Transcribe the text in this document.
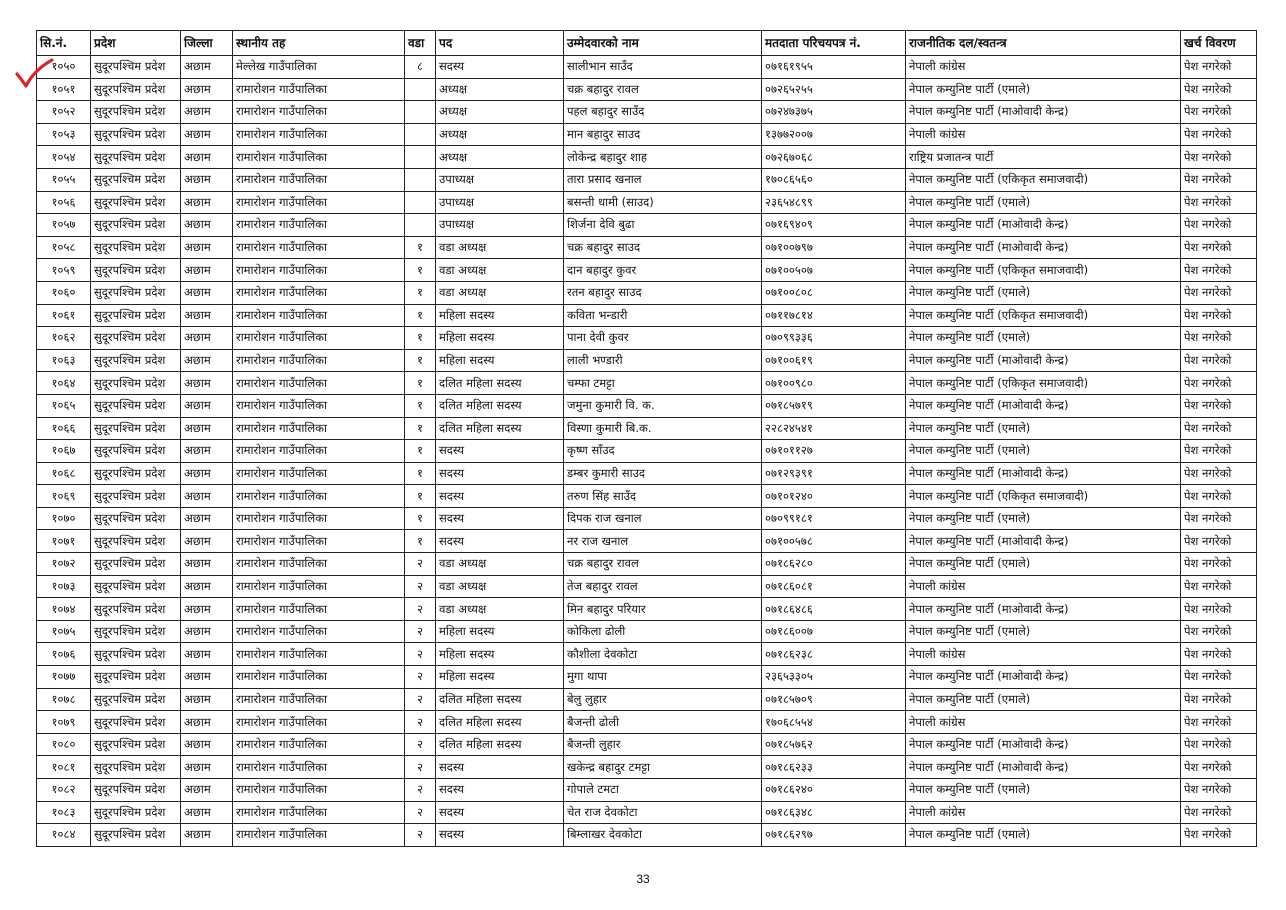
सि.नं.	प्रदेश	जिल्ला	स्थानीय तह	वडा	पद	उम्मेदवारको नाम	मतदाता परिचयपत्र नं.	राजनीतिक दल/स्वतन्त्र	खर्च विवरण
१०५०	सुदूरपश्चिम प्रदेश	अछाम	मेल्लेख गाउँपालिका	८	सदस्य	सालीभान साउँद	०७१६१९५५	नेपाली कांग्रेस	पेश नगरेको
१०५१	सुदूरपश्चिम प्रदेश	अछाम	रामारोशन गाउँपालिका		अध्यक्ष	चक्र बहादुर रावल	०७२६५२५५	नेपाल कम्युनिष्ट पार्टी (एमाले)	पेश नगरेको
१०५२	सुदूरपश्चिम प्रदेश	अछाम	रामारोशन गाउँपालिका		अध्यक्ष	पहल बहादुर साउँद	०७२४७३७५	नेपाल कम्युनिष्ट पार्टी (माओवादी केन्द्र)	पेश नगरेको
१०५३	सुदूरपश्चिम प्रदेश	अछाम	रामारोशन गाउँपालिका		अध्यक्ष	मान बहादुर साउद	१३७७२००७	नेपाली कांग्रेस	पेश नगरेको
१०५४	सुदूरपश्चिम प्रदेश	अछाम	रामारोशन गाउँपालिका		अध्यक्ष	लोकेन्द्र बहादुर शाह	०७२६७०६८	राष्ट्रिय प्रजातन्त्र पार्टी	पेश नगरेको
१०५५	सुदूरपश्चिम प्रदेश	अछाम	रामारोशन गाउँपालिका		उपाध्यक्ष	तारा प्रसाद खनाल	१७०८६५६०	नेपाल कम्युनिष्ट पार्टी (एकिकृत समाजवादी)	पेश नगरेको
१०५६	सुदूरपश्चिम प्रदेश	अछाम	रामारोशन गाउँपालिका		उपाध्यक्ष	बसन्ती धामी (साउद)	२३६५४८९९	नेपाल कम्युनिष्ट पार्टी (एमाले)	पेश नगरेको
१०५७	सुदूरपश्चिम प्रदेश	अछाम	रामारोशन गाउँपालिका		उपाध्यक्ष	शिर्जना देवि बुढा	०७१६९४०९	नेपाल कम्युनिष्ट पार्टी (माओवादी केन्द्र)	पेश नगरेको
१०५८	सुदूरपश्चिम प्रदेश	अछाम	रामारोशन गाउँपालिका	१	वडा अध्यक्ष	चक्र बहादुर साउद	०७१००७९७	नेपाल कम्युनिष्ट पार्टी (माओवादी केन्द्र)	पेश नगरेको
१०५९	सुदूरपश्चिम प्रदेश	अछाम	रामारोशन गाउँपालिका	१	वडा अध्यक्ष	दान बहादुर कुवर	०७१००५०७	नेपाल कम्युनिष्ट पार्टी (एकिकृत समाजवादी)	पेश नगरेको
१०६०	सुदूरपश्चिम प्रदेश	अछाम	रामारोशन गाउँपालिका	१	वडा अध्यक्ष	रतन बहादुर साउद	०७१००८०८	नेपाल कम्युनिष्ट पार्टी (एमाले)	पेश नगरेको
१०६१	सुदूरपश्चिम प्रदेश	अछाम	रामारोशन गाउँपालिका	१	महिला सदस्य	कविता भन्डारी	०७११७८१४	नेपाल कम्युनिष्ट पार्टी (एकिकृत समाजवादी)	पेश नगरेको
१०६२	सुदूरपश्चिम प्रदेश	अछाम	रामारोशन गाउँपालिका	१	महिला सदस्य	पाना देवी कुवर	०७०९९३३६	नेपाल कम्युनिष्ट पार्टी (एमाले)	पेश नगरेको
१०६३	सुदूरपश्चिम प्रदेश	अछाम	रामारोशन गाउँपालिका	१	महिला सदस्य	लाली भण्डारी	०७१००६१९	नेपाल कम्युनिष्ट पार्टी (माओवादी केन्द्र)	पेश नगरेको
१०६४	सुदूरपश्चिम प्रदेश	अछाम	रामारोशन गाउँपालिका	१	दलित महिला सदस्य	चम्फा टमट्टा	०७१००९८०	नेपाल कम्युनिष्ट पार्टी (एकिकृत समाजवादी)	पेश नगरेको
१०६५	सुदूरपश्चिम प्रदेश	अछाम	रामारोशन गाउँपालिका	१	दलित महिला सदस्य	जमुना कुमारी वि. क.	०७१८५७१९	नेपाल कम्युनिष्ट पार्टी (माओवादी केन्द्र)	पेश नगरेको
१०६६	सुदूरपश्चिम प्रदेश	अछाम	रामारोशन गाउँपालिका	१	दलित महिला सदस्य	विस्णा कुमारी बि.क.	२२८२४५४१	नेपाल कम्युनिष्ट पार्टी (एमाले)	पेश नगरेको
१०६७	सुदूरपश्चिम प्रदेश	अछाम	रामारोशन गाउँपालिका	१	सदस्य	कृष्ण साँउद	०७१०११२७	नेपाल कम्युनिष्ट पार्टी (एमाले)	पेश नगरेको
१०६८	सुदूरपश्चिम प्रदेश	अछाम	रामारोशन गाउँपालिका	१	सदस्य	डम्बर कुमारी साउद	०७१२९३९१	नेपाल कम्युनिष्ट पार्टी (माओवादी केन्द्र)	पेश नगरेको
१०६९	सुदूरपश्चिम प्रदेश	अछाम	रामारोशन गाउँपालिका	१	सदस्य	तरुण सिंह साउँद	०७१०१२४०	नेपाल कम्युनिष्ट पार्टी (एकिकृत समाजवादी)	पेश नगरेको
१०७०	सुदूरपश्चिम प्रदेश	अछाम	रामारोशन गाउँपालिका	१	सदस्य	दिपक राज खनाल	०७०९९१८१	नेपाल कम्युनिष्ट पार्टी (एमाले)	पेश नगरेको
१०७१	सुदूरपश्चिम प्रदेश	अछाम	रामारोशन गाउँपालिका	१	सदस्य	नर राज खनाल	०७१००५७८	नेपाल कम्युनिष्ट पार्टी (माओवादी केन्द्र)	पेश नगरेको
१०७२	सुदूरपश्चिम प्रदेश	अछाम	रामारोशन गाउँपालिका	२	वडा अध्यक्ष	चक्र बहादुर रावल	०७१८६२८०	नेपाल कम्युनिष्ट पार्टी (एमाले)	पेश नगरेको
१०७३	सुदूरपश्चिम प्रदेश	अछाम	रामारोशन गाउँपालिका	२	वडा अध्यक्ष	तेज बहादुर रावल	०७१८६०८१	नेपाली कांग्रेस	पेश नगरेको
१०७४	सुदूरपश्चिम प्रदेश	अछाम	रामारोशन गाउँपालिका	२	वडा अध्यक्ष	मिन बहादुर परियार	०७१८६४८६	नेपाल कम्युनिष्ट पार्टी (माओवादी केन्द्र)	पेश नगरेको
१०७५	सुदूरपश्चिम प्रदेश	अछाम	रामारोशन गाउँपालिका	२	महिला सदस्य	कोकिला ढोली	०७१८६००७	नेपाल कम्युनिष्ट पार्टी (एमाले)	पेश नगरेको
१०७६	सुदूरपश्चिम प्रदेश	अछाम	रामारोशन गाउँपालिका	२	महिला सदस्य	कौशीला देवकोटा	०७१८६२३८	नेपाली कांग्रेस	पेश नगरेको
१०७७	सुदूरपश्चिम प्रदेश	अछाम	रामारोशन गाउँपालिका	२	महिला सदस्य	मुगा थापा	२३६५३३०५	नेपाल कम्युनिष्ट पार्टी (माओवादी केन्द्र)	पेश नगरेको
१०७८	सुदूरपश्चिम प्रदेश	अछाम	रामारोशन गाउँपालिका	२	दलित महिला सदस्य	बेलु लुहार	०७१८५७०९	नेपाल कम्युनिष्ट पार्टी (एमाले)	पेश नगरेको
१०७९	सुदूरपश्चिम प्रदेश	अछाम	रामारोशन गाउँपालिका	२	दलित महिला सदस्य	बैजन्ती ढोली	१७०६८५५४	नेपाली कांग्रेस	पेश नगरेको
१०८०	सुदूरपश्चिम प्रदेश	अछाम	रामारोशन गाउँपालिका	२	दलित महिला सदस्य	बैजन्ती लुहार	०७१८५७६२	नेपाल कम्युनिष्ट पार्टी (माओवादी केन्द्र)	पेश नगरेको
१०८१	सुदूरपश्चिम प्रदेश	अछाम	रामारोशन गाउँपालिका	२	सदस्य	खकेन्द्र बहादुर टमट्टा	०७१८६२३३	नेपाल कम्युनिष्ट पार्टी (माओवादी केन्द्र)	पेश नगरेको
१०८२	सुदूरपश्चिम प्रदेश	अछाम	रामारोशन गाउँपालिका	२	सदस्य	गोपाले टमटा	०७१८६२४०	नेपाल कम्युनिष्ट पार्टी (एमाले)	पेश नगरेको
१०८३	सुदूरपश्चिम प्रदेश	अछाम	रामारोशन गाउँपालिका	२	सदस्य	चेत राज देवकोटा	०७१८६३४८	नेपाली कांग्रेस	पेश नगरेको
१०८४	सुदूरपश्चिम प्रदेश	अछाम	रामारोशन गाउँपालिका	२	सदस्य	बिम्लाखर देवकोटा	०७१८६२९७	नेपाल कम्युनिष्ट पार्टी (एमाले)	पेश नगरेको
33
